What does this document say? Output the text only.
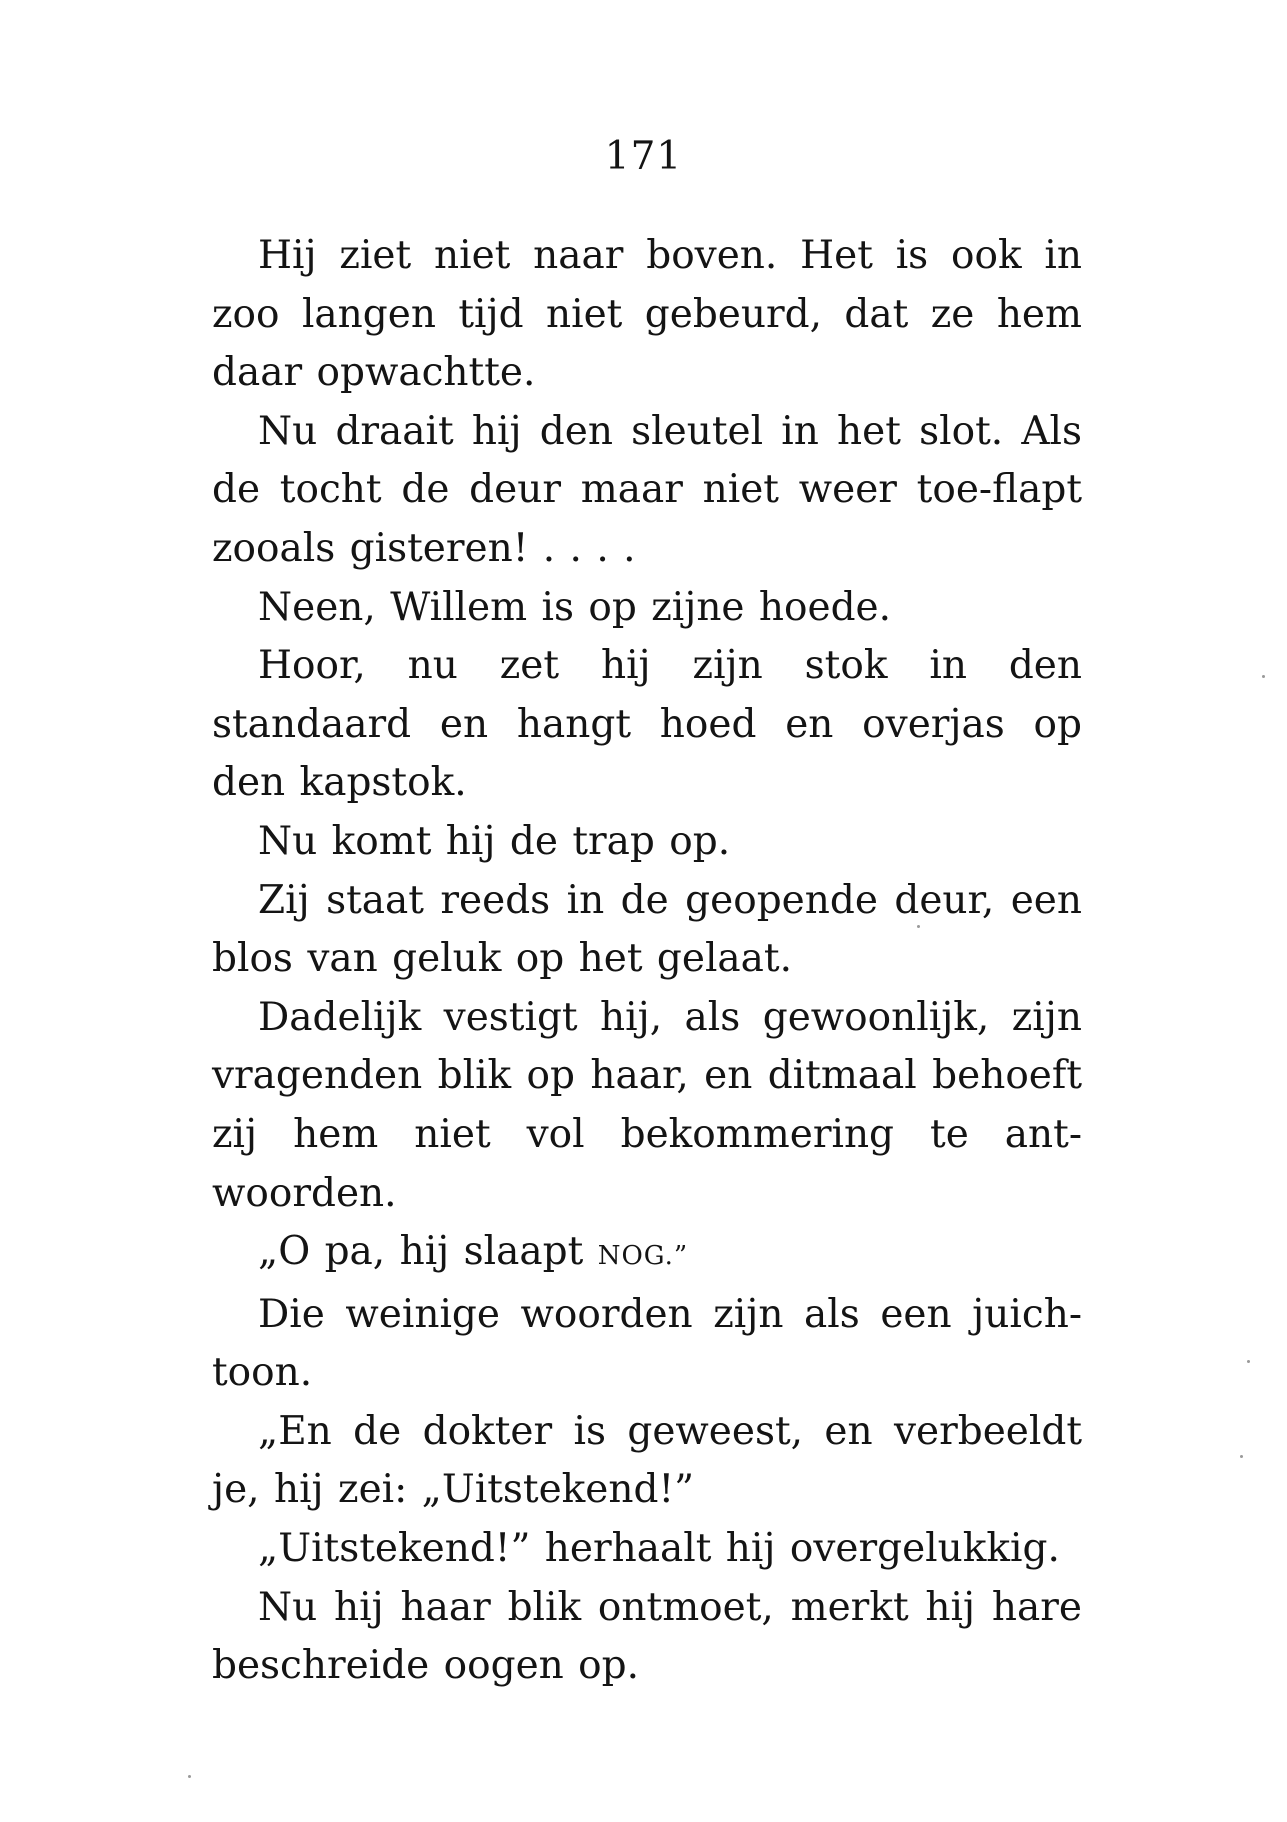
171

Hij ziet niet naar boven. Het is ook in zoo langen tijd niet gebeurd, dat ze hem daar opwachtte.

Nu draait hij den sleutel in het slot. Als de tocht de deur maar niet weer toe-flapt zooals gisteren! . . . .

Neen, Willem is op zijne hoede.

Hoor, nu zet hij zijn stok in den standaard en hangt hoed en overjas op den kapstok.

Nu komt hij de trap op.

Zij staat reeds in de geopende deur, een blos van geluk op het gelaat.

Dadelijk vestigt hij, als gewoonlijk, zijn vragenden blik op haar, en ditmaal behoeft zij hem niet vol bekommering te ant-woorden.

„O pa, hij slaapt NOG.”

Die weinige woorden zijn als een juich-toon.

„En de dokter is geweest, en verbeeldt je, hij zei: „Uitstekend!”

„Uitstekend!” herhaalt hij overgelukkig.

Nu hij haar blik ontmoet, merkt hij hare beschreide oogen op.
